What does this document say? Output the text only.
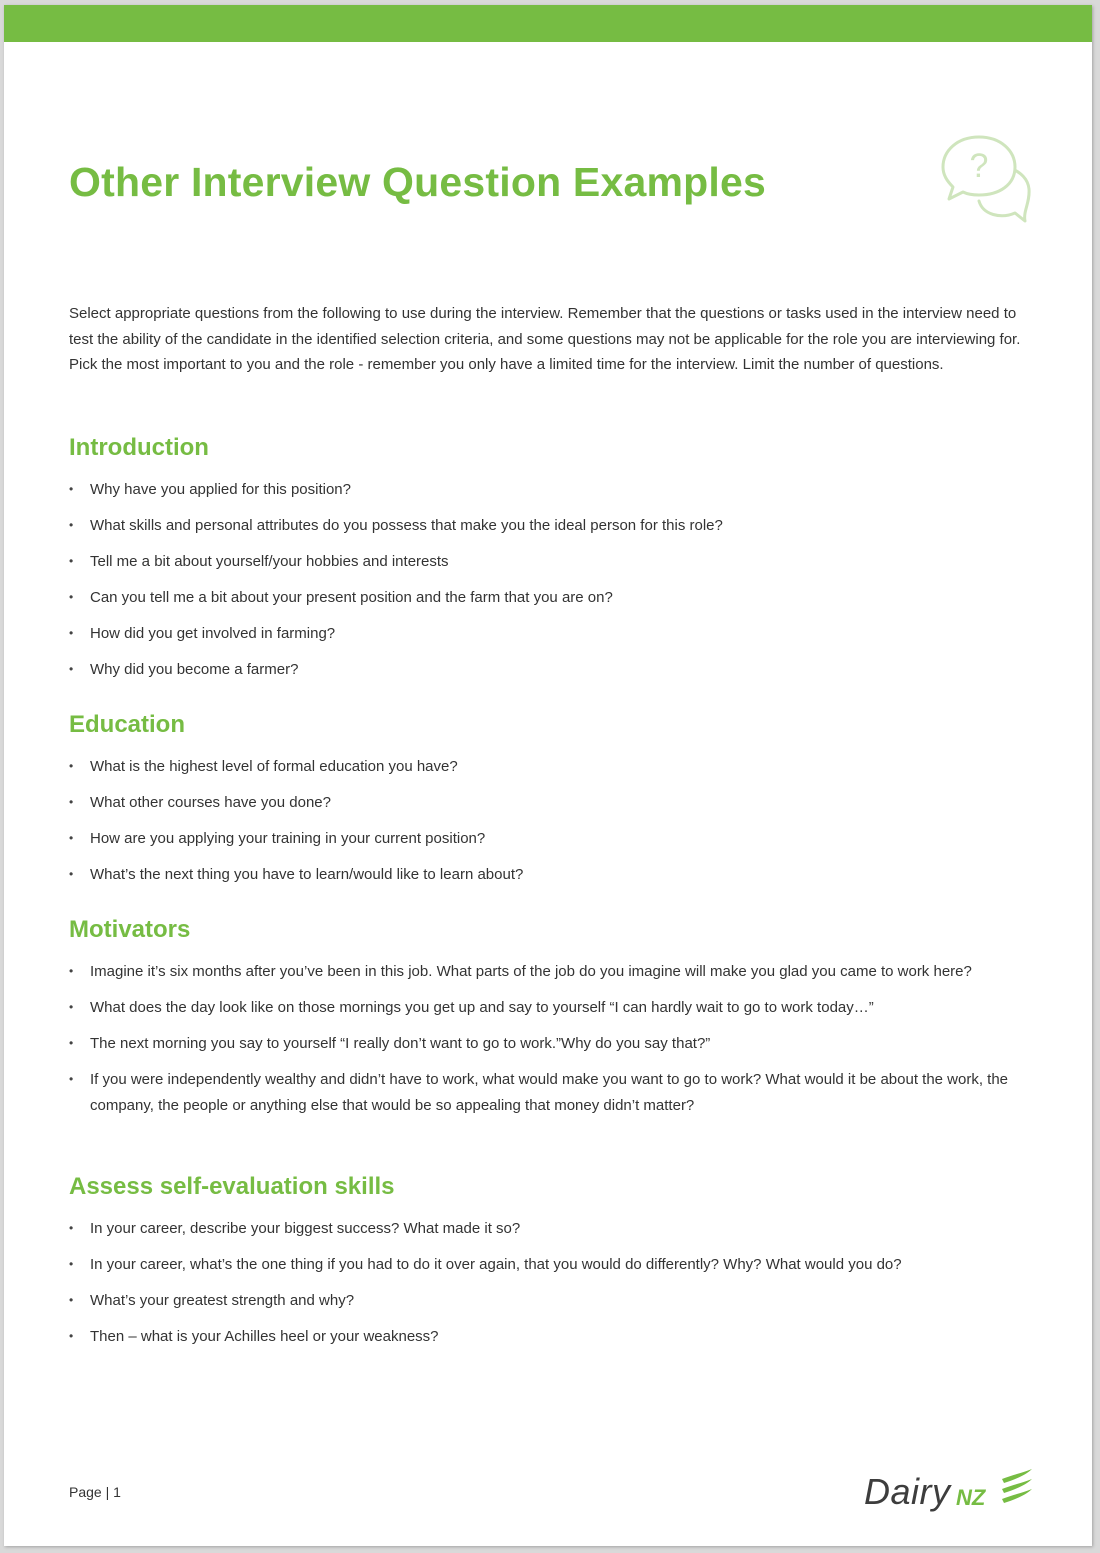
Other Interview Question Examples	?

Select appropriate questions from the following to use during the interview. Remember that the questions or tasks used in the interview need to test the ability of the candidate in the identified selection criteria, and some questions may not be applicable for the role you are interviewing for. Pick the most important to you and the role - remember you only have a limited time for the interview. Limit the number of questions.

Introduction
• Why have you applied for this position?
• What skills and personal attributes do you possess that make you the ideal person for this role?
• Tell me a bit about yourself/your hobbies and interests
• Can you tell me a bit about your present position and the farm that you are on?
• How did you get involved in farming?
• Why did you become a farmer?
Education
• What is the highest level of formal education you have?
• What other courses have you done?
• How are you applying your training in your current position?
• What’s the next thing you have to learn/would like to learn about?
Motivators
• Imagine it’s six months after you’ve been in this job. What parts of the job do you imagine will make you glad you came to work here?
• What does the day look like on those mornings you get up and say to yourself “I can hardly wait to go to work today…”
• The next morning you say to yourself “I really don’t want to go to work.”Why do you say that?”
• If you were independently wealthy and didn’t have to work, what would make you want to go to work? What would it be about the work, the company, the people or anything else that would be so appealing that money didn’t matter?
Assess self-evaluation skills
• In your career, describe your biggest success? What made it so?
• In your career, what’s the one thing if you had to do it over again, that you would do differently? Why? What would you do?
• What’s your greatest strength and why?
• Then – what is your Achilles heel or your weakness?
Page | 1	Dairy NZ
